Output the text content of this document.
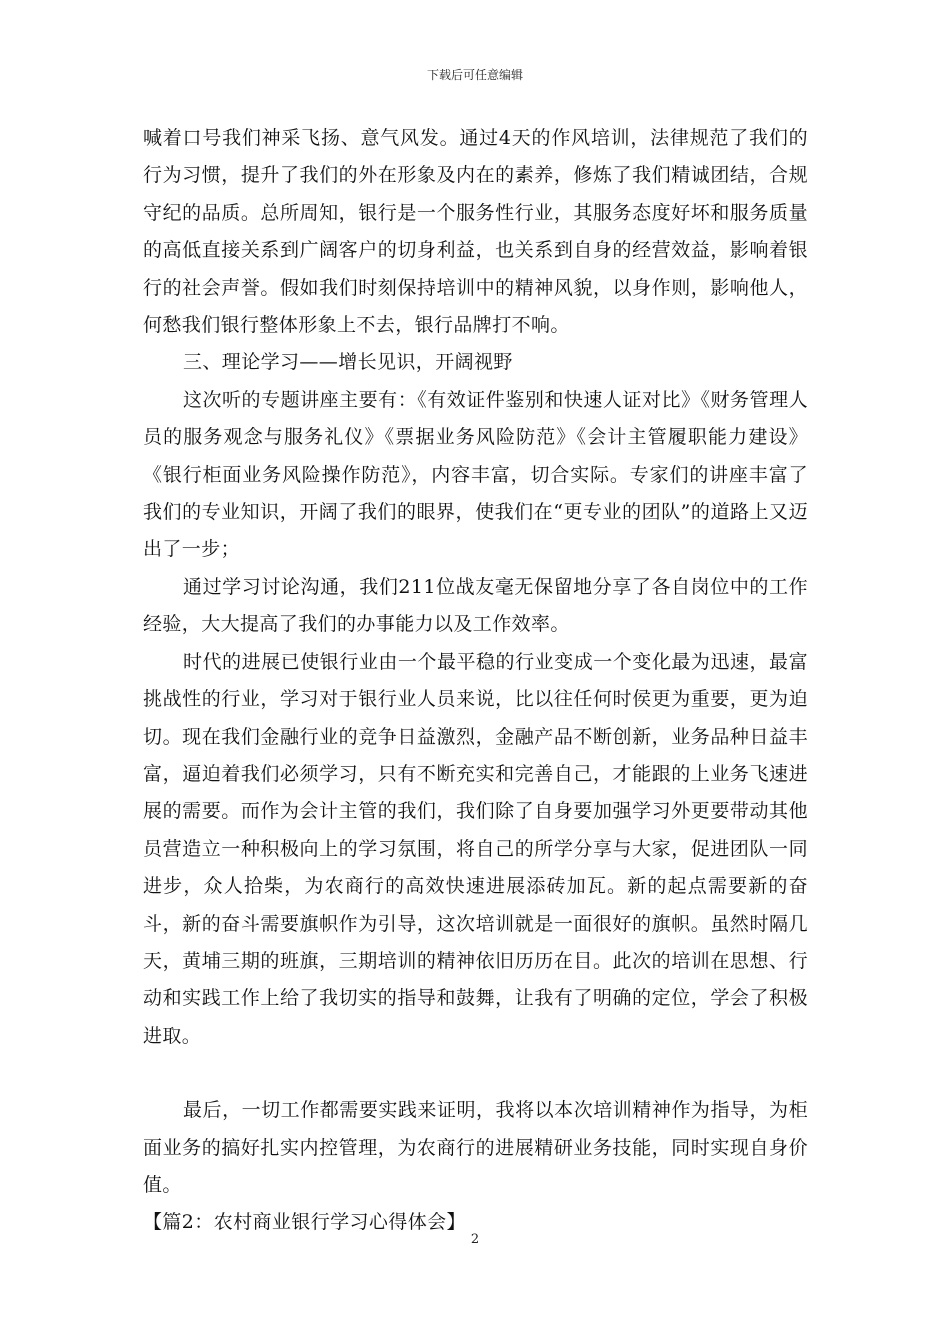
下载后可任意编辑

喊着口号我们神采飞扬、意气风发。通过4天的作风培训，法律规范了我们的行为习惯，提升了我们的外在形象及内在的素养，修炼了我们精诚团结，合规守纪的品质。总所周知，银行是一个服务性行业，其服务态度好坏和服务质量的高低直接关系到广阔客户的切身利益，也关系到自身的经营效益，影响着银行的社会声誉。假如我们时刻保持培训中的精神风貌，以身作则，影响他人，何愁我们银行整体形象上不去，银行品牌打不响。

三、理论学习——增长见识，开阔视野

这次听的专题讲座主要有：《有效证件鉴别和快速人证对比》《财务管理人员的服务观念与服务礼仪》《票据业务风险防范》《会计主管履职能力建设》《银行柜面业务风险操作防范》，内容丰富，切合实际。专家们的讲座丰富了我们的专业知识，开阔了我们的眼界，使我们在“更专业的团队”的道路上又迈出了一步；

通过学习讨论沟通，我们211位战友毫无保留地分享了各自岗位中的工作经验，大大提高了我们的办事能力以及工作效率。

时代的进展已使银行业由一个最平稳的行业变成一个变化最为迅速，最富挑战性的行业，学习对于银行业人员来说，比以往任何时侯更为重要，更为迫切。现在我们金融行业的竞争日益激烈，金融产品不断创新，业务品种日益丰富，逼迫着我们必须学习，只有不断充实和完善自己，才能跟的上业务飞速进展的需要。而作为会计主管的我们，我们除了自身要加强学习外更要带动其他员营造立一种积极向上的学习氛围，将自己的所学分享与大家，促进团队一同进步，众人拾柴，为农商行的高效快速进展添砖加瓦。新的起点需要新的奋斗，新的奋斗需要旗帜作为引导，这次培训就是一面很好的旗帜。虽然时隔几天，黄埔三期的班旗，三期培训的精神依旧历历在目。此次的培训在思想、行动和实践工作上给了我切实的指导和鼓舞，让我有了明确的定位，学会了积极进取。

最后，一切工作都需要实践来证明，我将以本次培训精神作为指导，为柜面业务的搞好扎实内控管理，为农商行的进展精研业务技能，同时实现自身价值。

【篇2：农村商业银行学习心得体会】

2
